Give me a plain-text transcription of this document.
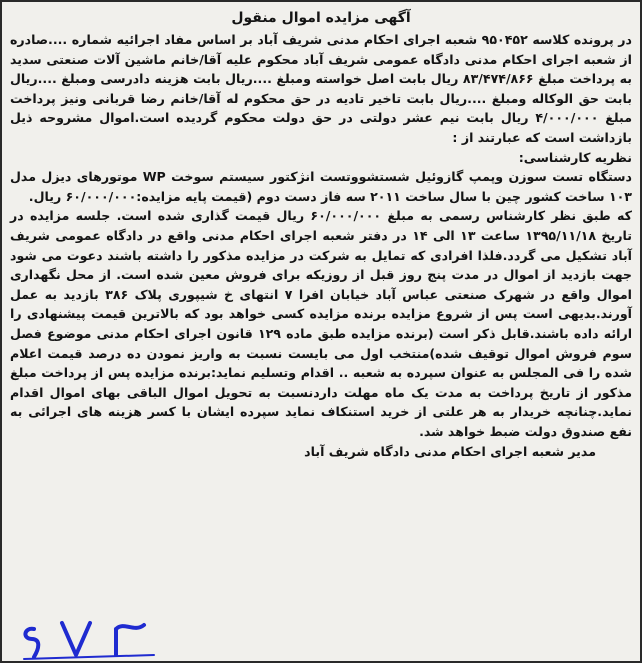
آگهی مزایده اموال منقول

در پرونده کلاسه ۹۵۰۴۵۲ شعبه اجرای احکام مدنی شریف آباد بر اساس مفاد اجرائیه شماره ....صادره از شعبه اجرای احکام مدنی دادگاه عمومی شریف آباد محکوم علیه آقا/خانم ماشین آلات صنعتی سدید به پرداخت مبلغ ۸۳/۴۷۴/۸۶۶ ریال بابت اصل خواسته ومبلغ ....ریال بابت هزینه دادرسی ومبلغ ....ریال بابت حق الوکاله ومبلغ ....ریال بابت تاخیر تادیه در حق محکوم له آقا/خانم رضا قربانی ونیز پرداخت مبلغ ۴/۰۰۰/۰۰۰ ریال بابت نیم عشر دولتی در حق دولت محکوم گردیده است.اموال مشروحه ذیل بازداشت است که عبارتند از :

نظریه کارشناسی:

دستگاه تست سوزن وپمپ گازوئیل شستشووتست انژکتور سیستم سوخت WP موتورهای دیزل مدل ۱۰۳ ساخت کشور چین با سال ساخت ۲۰۱۱ سه فاز دست دوم (قیمت پایه مزایده:۶۰/۰۰۰/۰۰۰ ریال.

که طبق نظر کارشناس رسمی به مبلغ ۶۰/۰۰۰/۰۰۰ ریال قیمت گذاری شده است. جلسه مزایده در تاریخ ۱۳۹۵/۱۱/۱۸ ساعت ۱۳ الی ۱۴ در دفتر شعبه اجرای احکام مدنی واقع در دادگاه عمومی شریف آباد تشکیل می گردد.فلذا افرادی که تمایل به شرکت در مزایده مذکور را داشته باشند دعوت می شود جهت بازدید از اموال در مدت پنج روز قبل از روزیکه برای فروش معین شده است. از محل نگهداری اموال واقع در شهرک صنعتی عباس آباد خیابان افرا ۷ انتهای خ شیپوری پلاک ۳۸۶ بازدید به عمل آورند.بدیهی است پس از شروع مزایده برنده مزایده کسی خواهد بود که بالاترین قیمت پیشنهادی را ارائه داده باشند.قابل ذکر است (برنده مزایده طبق ماده ۱۲۹ قانون اجرای احکام مدنی موضوع فصل سوم فروش اموال توقیف شده)منتخب اول می بایست نسبت به واریز نمودن ده درصد قیمت اعلام شده را فی المجلس به عنوان سپرده به شعبه .. اقدام وتسلیم نماید:برنده مزایده پس از پرداخت مبلغ مذکور از تاریخ پرداخت به مدت یک ماه مهلت داردنسبت به تحویل اموال الباقی بهای اموال اقدام نماید.چنانچه خریدار به هر علتی از خرید استنکاف نماید سپرده ایشان با کسر هزینه های اجرائی به نفع صندوق دولت ضبط خواهد شد.

مدیر شعبه اجرای احکام مدنی دادگاه شریف آباد
